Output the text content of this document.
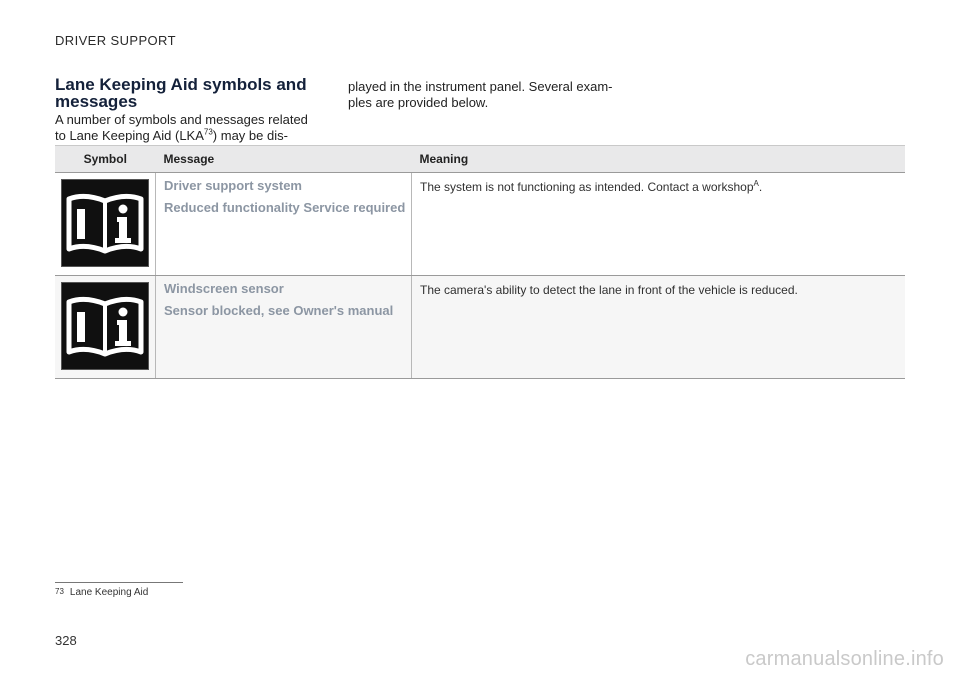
DRIVER SUPPORT
Lane Keeping Aid symbols and messages
A number of symbols and messages related to Lane Keeping Aid (LKA$^{73}$) may be dis-
played in the instrument panel. Several exam- ples are provided below.
Symbol	Message	Meaning

Driver support system
Reduced functionality Service required	The system is not functioning as intended. Contact a workshop$^A$.

Windscreen sensor
Sensor blocked, see Owner's manual	The camera's ability to detect the lane in front of the vehicle is reduced.
$^{73}$ Lane Keeping Aid
328
carmanualsonline.info
